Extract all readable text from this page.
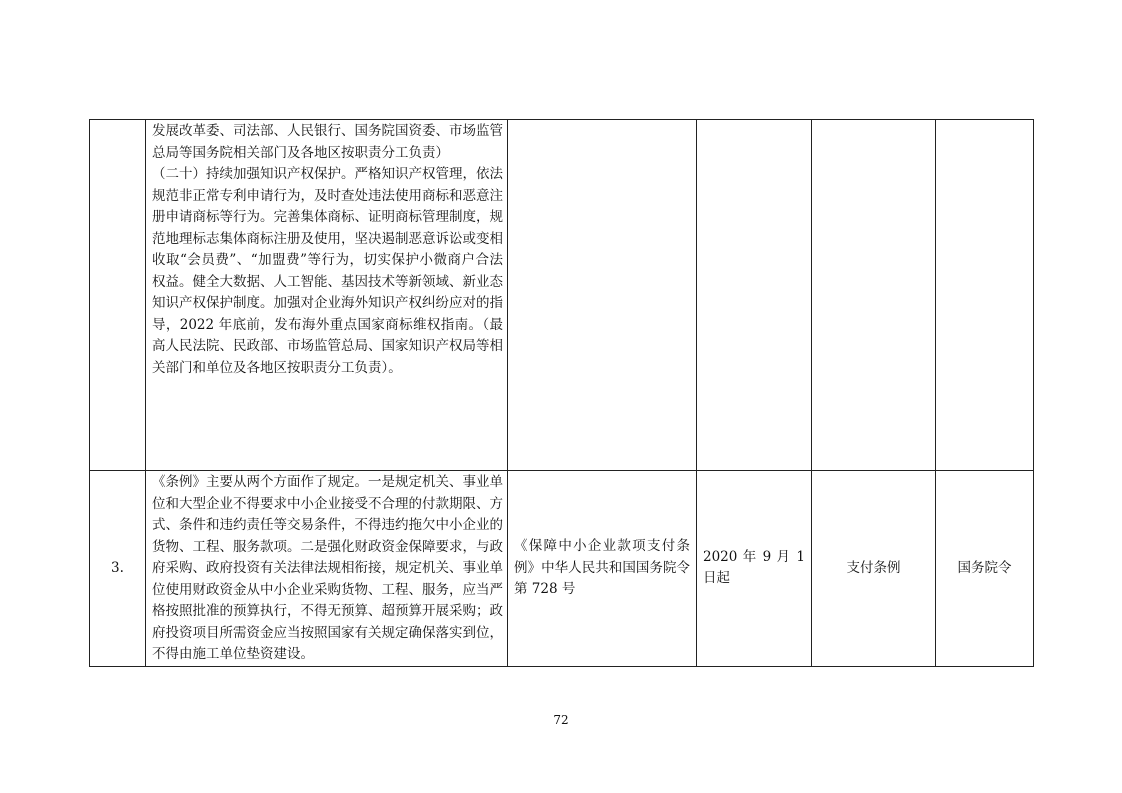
	发展改革委、司法部、人民银行、国务院国资委、市场监管总局等国务院相关部门及各地区按职责分工负责）
（二十）持续加强知识产权保护。严格知识产权管理，依法规范非正常专利申请行为，及时查处违法使用商标和恶意注册申请商标等行为。完善集体商标、证明商标管理制度，规范地理标志集体商标注册及使用，坚决遏制恶意诉讼或变相收取“会员费”、“加盟费”等行为，切实保护小微商户合法权益。健全大数据、人工智能、基因技术等新领域、新业态知识产权保护制度。加强对企业海外知识产权纠纷应对的指导，2022 年底前，发布海外重点国家商标维权指南。（最高人民法院、民政部、市场监管总局、国家知识产权局等相关部门和单位及各地区按职责分工负责）。				

3.	《条例》主要从两个方面作了规定。一是规定机关、事业单位和大型企业不得要求中小企业接受不合理的付款期限、方式、条件和违约责任等交易条件，不得违约拖欠中小企业的货物、工程、服务款项。二是强化财政资金保障要求，与政府采购、政府投资有关法律法规相衔接，规定机关、事业单位使用财政资金从中小企业采购货物、工程、服务，应当严格按照批准的预算执行，不得无预算、超预算开展采购；政府投资项目所需资金应当按照国家有关规定确保落实到位，不得由施工单位垫资建设。	《保障中小企业款项支付条例》中华人民共和国国务院令第 728 号	2020 年 9 月 1 日起	支付条例	国务院令
72
